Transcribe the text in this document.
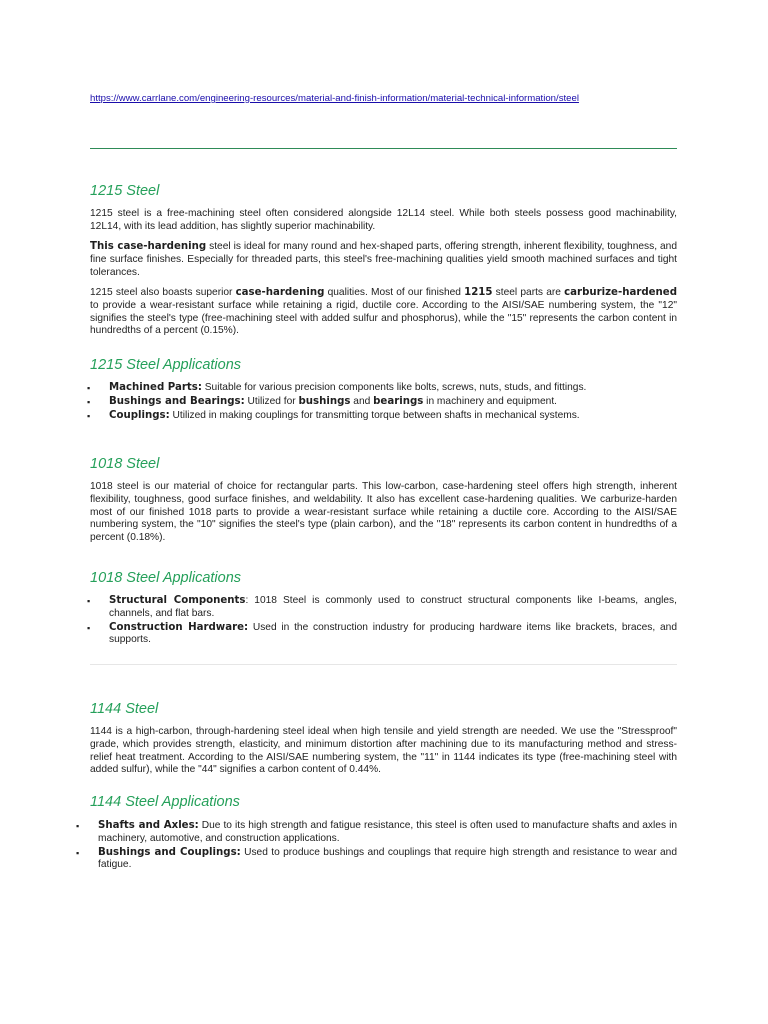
https://www.carrlane.com/engineering-resources/material-and-finish-information/material-technical-information/steel
1215 Steel

1215 steel is a free-machining steel often considered alongside 12L14 steel. While both steels possess good machinability, 12L14, with its lead addition, has slightly superior machinability.

This case-hardening steel is ideal for many round and hex-shaped parts, offering strength, inherent flexibility, toughness, and fine surface finishes. Especially for threaded parts, this steel's free-machining qualities yield smooth machined surfaces and tight tolerances.

1215 steel also boasts superior case-hardening qualities. Most of our finished 1215 steel parts are carburize-hardened to provide a wear-resistant surface while retaining a rigid, ductile core. According to the AISI/SAE numbering system, the "12" signifies the steel's type (free-machining steel with added sulfur and phosphorus), while the "15" represents the carbon content in hundredths of a percent (0.15%).

1215 Steel Applications
▪ Machined Parts: Suitable for various precision components like bolts, screws, nuts, studs, and fittings.
▪ Bushings and Bearings: Utilized for bushings and bearings in machinery and equipment.
▪ Couplings: Utilized in making couplings for transmitting torque between shafts in mechanical systems.
1018 Steel

1018 steel is our material of choice for rectangular parts. This low-carbon, case-hardening steel offers high strength, inherent flexibility, toughness, good surface finishes, and weldability. It also has excellent case-hardening qualities. We carburize-harden most of our finished 1018 parts to provide a wear-resistant surface while retaining a ductile core. According to the AISI/SAE numbering system, the "10" signifies the steel's type (plain carbon), and the "18" represents its carbon content in hundredths of a percent (0.18%).

1018 Steel Applications
▪ Structural Components: 1018 Steel is commonly used to construct structural components like I-beams, angles, channels, and flat bars.
▪ Construction Hardware: Used in the construction industry for producing hardware items like brackets, braces, and supports.
1144 Steel

1144 is a high-carbon, through-hardening steel ideal when high tensile and yield strength are needed. We use the "Stressproof" grade, which provides strength, elasticity, and minimum distortion after machining due to its manufacturing method and stress-relief heat treatment. According to the AISI/SAE numbering system, the "11" in 1144 indicates its type (free-machining steel with added sulfur), while the "44" signifies a carbon content of 0.44%.

1144 Steel Applications
▪ Shafts and Axles: Due to its high strength and fatigue resistance, this steel is often used to manufacture shafts and axles in machinery, automotive, and construction applications.
▪ Bushings and Couplings: Used to produce bushings and couplings that require high strength and resistance to wear and fatigue.
